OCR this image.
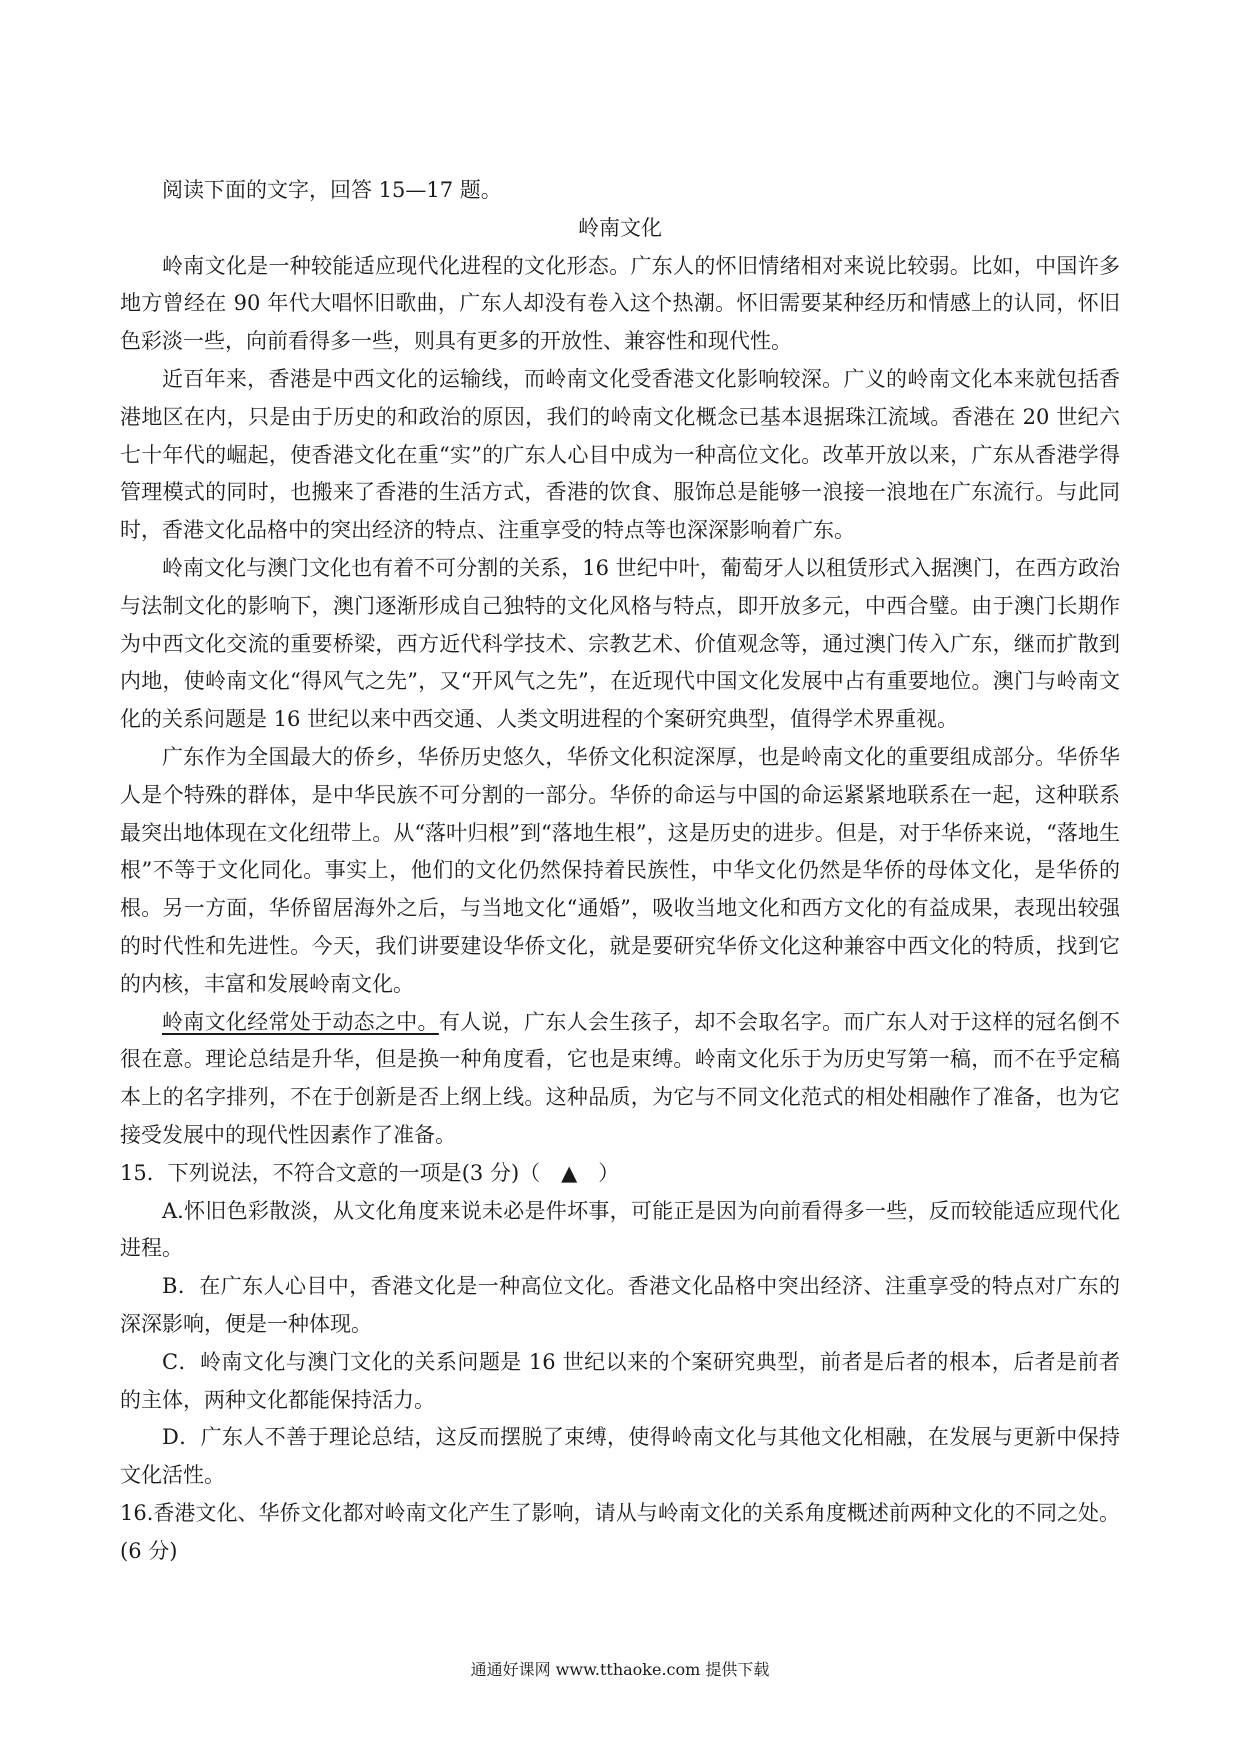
阅读下面的文字，回答 15—17 题。

岭南文化

岭南文化是一种较能适应现代化进程的文化形态。广东人的怀旧情绪相对来说比较弱。比如，中国许多地方曾经在 90 年代大唱怀旧歌曲，广东人却没有卷入这个热潮。怀旧需要某种经历和情感上的认同，怀旧色彩淡一些，向前看得多一些，则具有更多的开放性、兼容性和现代性。

近百年来，香港是中西文化的运输线，而岭南文化受香港文化影响较深。广义的岭南文化本来就包括香港地区在内，只是由于历史的和政治的原因，我们的岭南文化概念已基本退据珠江流域。香港在 20 世纪六七十年代的崛起，使香港文化在重“实”的广东人心目中成为一种高位文化。改革开放以来，广东从香港学得管理模式的同时，也搬来了香港的生活方式，香港的饮食、服饰总是能够一浪接一浪地在广东流行。与此同时，香港文化品格中的突出经济的特点、注重享受的特点等也深深影响着广东。

岭南文化与澳门文化也有着不可分割的关系，16 世纪中叶，葡萄牙人以租赁形式入据澳门，在西方政治与法制文化的影响下，澳门逐渐形成自己独特的文化风格与特点，即开放多元，中西合璧。由于澳门长期作为中西文化交流的重要桥梁，西方近代科学技术、宗教艺术、价值观念等，通过澳门传入广东，继而扩散到内地，使岭南文化“得风气之先”，又“开风气之先”，在近现代中国文化发展中占有重要地位。澳门与岭南文化的关系问题是 16 世纪以来中西交通、人类文明进程的个案研究典型，值得学术界重视。

广东作为全国最大的侨乡，华侨历史悠久，华侨文化积淀深厚，也是岭南文化的重要组成部分。华侨华人是个特殊的群体，是中华民族不可分割的一部分。华侨的命运与中国的命运紧紧地联系在一起，这种联系最突出地体现在文化纽带上。从“落叶归根”到“落地生根”，这是历史的进步。但是，对于华侨来说，“落地生根”不等于文化同化。事实上，他们的文化仍然保持着民族性，中华文化仍然是华侨的母体文化，是华侨的根。另一方面，华侨留居海外之后，与当地文化“通婚”，吸收当地文化和西方文化的有益成果，表现出较强的时代性和先进性。今天，我们讲要建设华侨文化，就是要研究华侨文化这种兼容中西文化的特质，找到它的内核，丰富和发展岭南文化。

岭南文化经常处于动态之中。有人说，广东人会生孩子，却不会取名字。而广东人对于这样的冠名倒不很在意。理论总结是升华，但是换一种角度看，它也是束缚。岭南文化乐于为历史写第一稿，而不在乎定稿本上的名字排列，不在于创新是否上纲上线。这种品质，为它与不同文化范式的相处相融作了准备，也为它接受发展中的现代性因素作了准备。

15．下列说法，不符合文意的一项是(3 分)（　▲　）

A.怀旧色彩散淡，从文化角度来说未必是件坏事，可能正是因为向前看得多一些，反而较能适应现代化进程。

B．在广东人心目中，香港文化是一种高位文化。香港文化品格中突出经济、注重享受的特点对广东的深深影响，便是一种体现。

C．岭南文化与澳门文化的关系问题是 16 世纪以来的个案研究典型，前者是后者的根本，后者是前者的主体，两种文化都能保持活力。

D．广东人不善于理论总结，这反而摆脱了束缚，使得岭南文化与其他文化相融，在发展与更新中保持文化活性。

16.香港文化、华侨文化都对岭南文化产生了影响，请从与岭南文化的关系角度概述前两种文化的不同之处。(6 分)

通通好课网 www.tthaoke.com 提供下载
